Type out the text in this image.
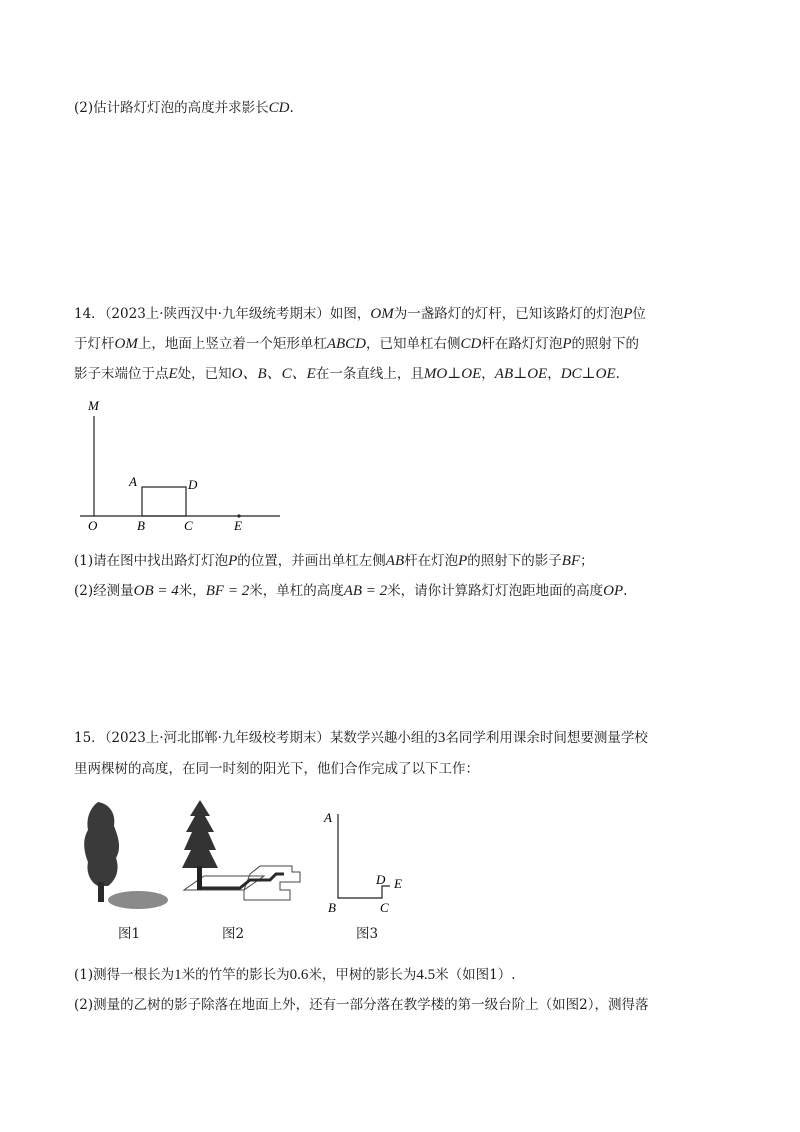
(2)估计路灯灯泡的高度并求影长CD.
14．（2023上·陕西汉中·九年级统考期末）如图，OM为一盏路灯的灯杆，已知该路灯的灯泡P位
于灯杆OM上，地面上竖立着一个矩形单杠ABCD，已知单杠右侧CD杆在路灯灯泡P的照射下的
影子末端位于点E处，已知O、B、C、E在一条直线上，且MO⊥OE，AB⊥OE，DC⊥OE.
M
A	D
O	B	C	E
(1)请在图中找出路灯灯泡P的位置，并画出单杠左侧AB杆在灯泡P的照射下的影子BF；
(2)经测量OB = 4米，BF = 2米，单杠的高度AB = 2米，请你计算路灯灯泡距地面的高度OP.
15．（2023上·河北邯郸·九年级校考期末）某数学兴趣小组的3名同学利用课余时间想要测量学校
里两棵树的高度，在同一时刻的阳光下，他们合作完成了以下工作：
A
B	C
D E
图1	图2	图3
(1)测得一根长为1米的竹竿的影长为0.6米，甲树的影长为4.5米（如图1）.
(2)测量的乙树的影子除落在地面上外，还有一部分落在教学楼的第一级台阶上（如图2），测得落
